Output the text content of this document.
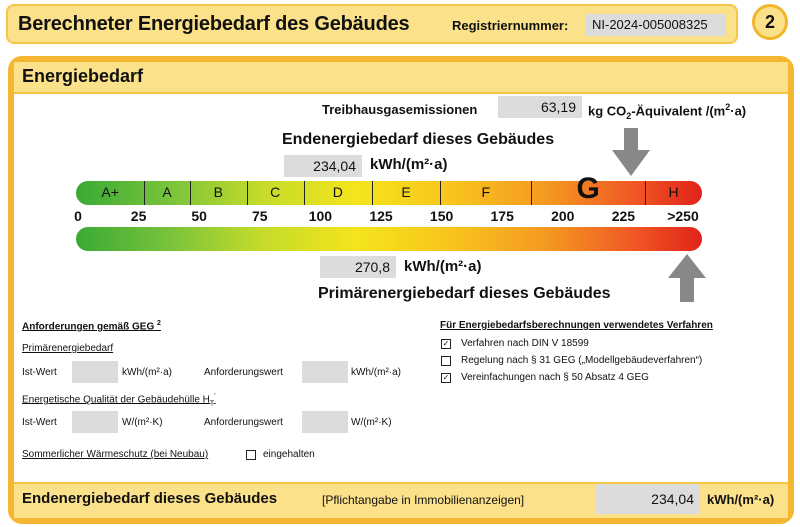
Berechneter Energiebedarf des Gebäudes	Registriernummer:	NI-2024-005008325	2
Energiebedarf
Treibhausgasemissionen	63,19 kg $CO_2$-Äquivalent $/(m^2\cdot a)$
Endenergiebedarf dieses Gebäudes
234,04 kWh/(m²·a)
A+	A	B	C	D	E	F	G	H
0	25	50	75	100	125	150	175	200	225	>250
270,8 kWh/(m²·a)
Primärenergiebedarf dieses Gebäudes
Anforderungen gemäß GEG $^2$
Primärenergiebedarf
Ist-Wert	kWh/(m²·a)	Anforderungswert	kWh/(m²·a)
Energetische Qualität der Gebäudehülle $H_T'$
Ist-Wert	W/(m²·K)	Anforderungswert	W/(m²·K)
Sommerlicher Wärmeschutz (bei Neubau)	eingehalten
Für Energiebedarfsberechnungen verwendetes Verfahren
✓ Verfahren nach DIN V 18599
Regelung nach § 31 GEG („Modellgebäudeverfahren“)
✓ Vereinfachungen nach § 50 Absatz 4 GEG
Endenergiebedarf dieses Gebäudes	[Pflichtangabe in Immobilienanzeigen]	234,04	kWh/(m²·a)
